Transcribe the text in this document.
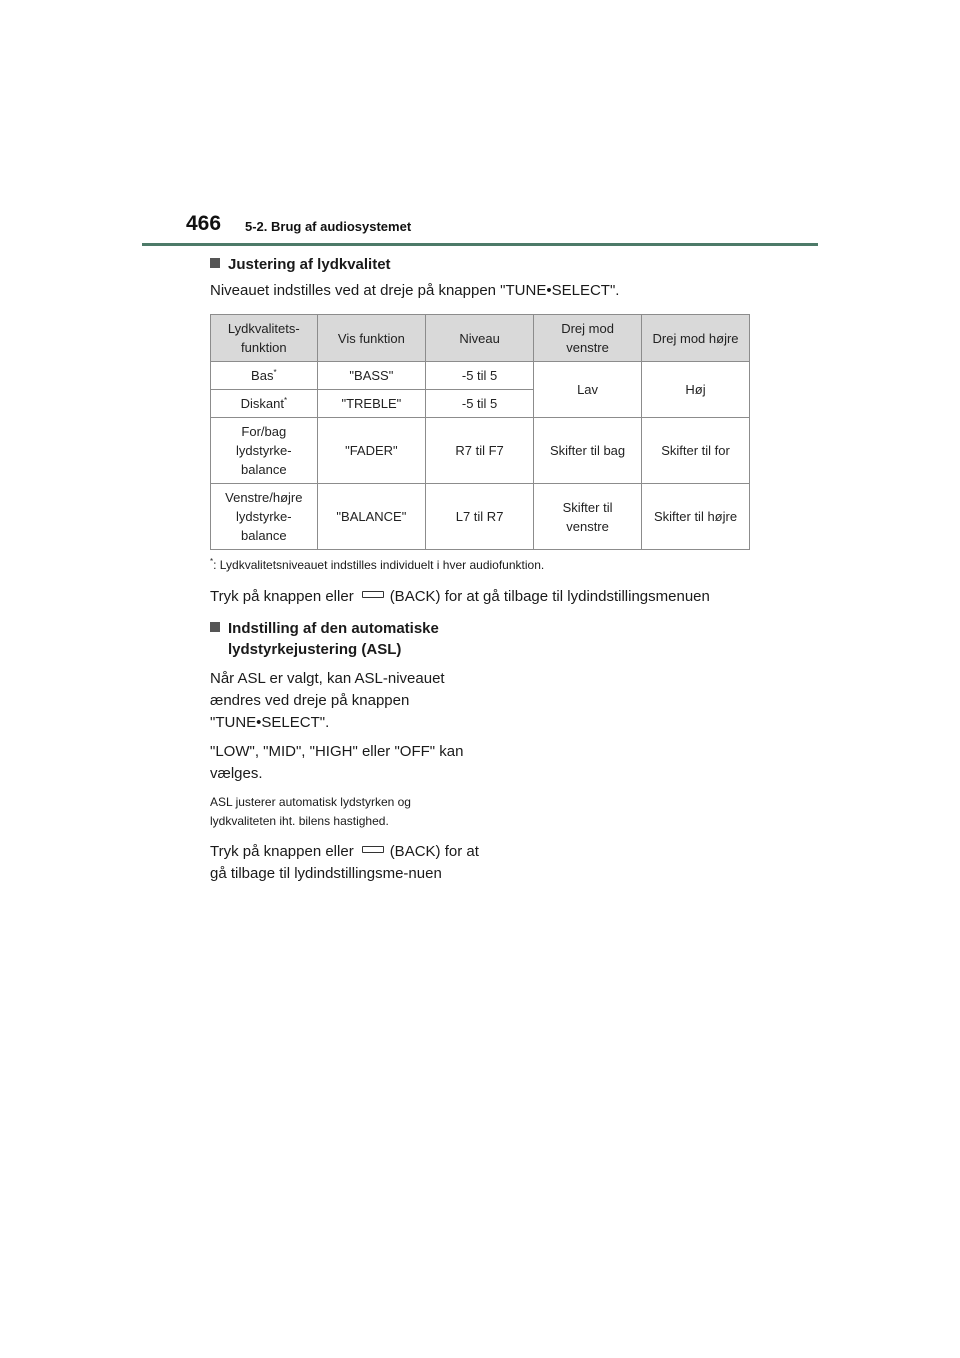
466 5-2. Brug af audiosystemet

Justering af lydkvalitet

Niveauet indstilles ved at dreje på knappen "TUNE•SELECT".

Lydkvalitets-
funktion	Vis funktion	Niveau	Drej mod
venstre	Drej mod højre
Bas*	"BASS"	-5 til 5	Lav	Høj
Diskant*	"TREBLE"	-5 til 5		
For/bag
lydstyrke-
balance	"FADER"	R7 til F7	Skifter til bag	Skifter til for
Venstre/højre
lydstyrke-
balance	"BALANCE"	L7 til R7	Skifter til
venstre	Skifter til højre

*: Lydkvalitetsniveauet indstilles individuelt i hver audiofunktion.

Tryk på knappen eller (BACK) for at gå tilbage til lydindstillingsmenuen

Indstilling af den automatiske

lydstyrkejustering (ASL)

Når ASL er valgt, kan ASL-niveauet ændres ved dreje på knappen "TUNE•SELECT".

"LOW", "MID", "HIGH" eller "OFF" kan vælges.

ASL justerer automatisk lydstyrken og lydkvaliteten iht. bilens hastighed.

Tryk på knappen eller (BACK) for at gå tilbage til lydindstillingsme-nuen
